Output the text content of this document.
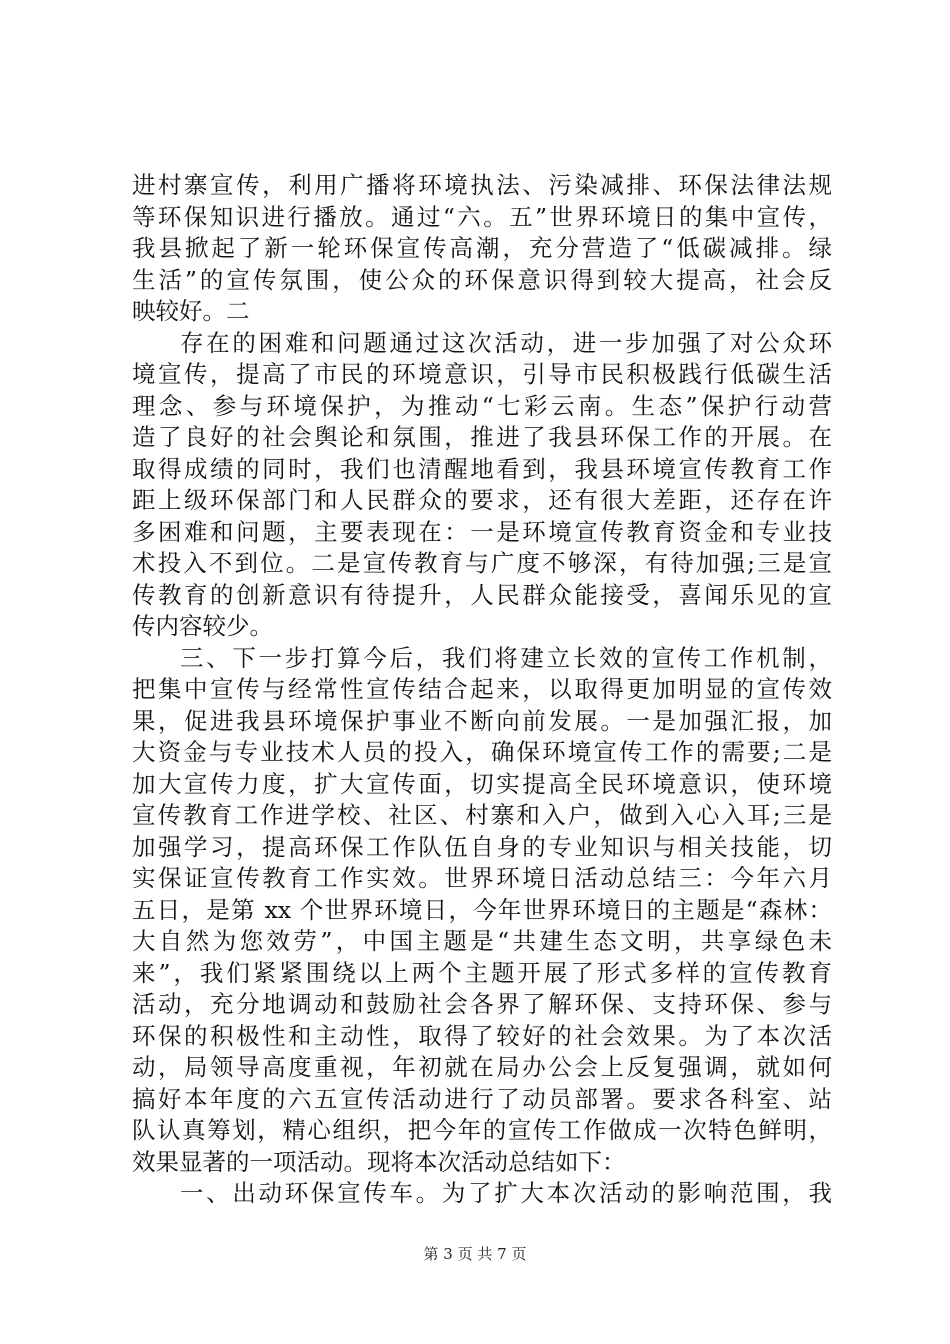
进村寨宣传，利用广播将环境执法、污染减排、环保法律法规
等环保知识进行播放。通过“六。五”世界环境日的集中宣传，
我县掀起了新一轮环保宣传高潮，充分营造了“低碳减排。绿
生活”的宣传氛围，使公众的环保意识得到较大提高，社会反
映较好。二
存在的困难和问题通过这次活动，进一步加强了对公众环
境宣传，提高了市民的环境意识，引导市民积极践行低碳生活
理念、参与环境保护，为推动“七彩云南。生态”保护行动营
造了良好的社会舆论和氛围，推进了我县环保工作的开展。在
取得成绩的同时，我们也清醒地看到，我县环境宣传教育工作
距上级环保部门和人民群众的要求，还有很大差距，还存在许
多困难和问题，主要表现在：一是环境宣传教育资金和专业技
术投入不到位。二是宣传教育与广度不够深，有待加强;三是宣
传教育的创新意识有待提升，人民群众能接受，喜闻乐见的宣
传内容较少。
三、下一步打算今后，我们将建立长效的宣传工作机制，
把集中宣传与经常性宣传结合起来，以取得更加明显的宣传效
果，促进我县环境保护事业不断向前发展。一是加强汇报，加
大资金与专业技术人员的投入，确保环境宣传工作的需要;二是
加大宣传力度，扩大宣传面，切实提高全民环境意识，使环境
宣传教育工作进学校、社区、村寨和入户，做到入心入耳;三是
加强学习，提高环保工作队伍自身的专业知识与相关技能，切
实保证宣传教育工作实效。世界环境日活动总结三：今年六月
五日，是第 xx 个世界环境日，今年世界环境日的主题是“森林：
大自然为您效劳”，中国主题是“共建生态文明，共享绿色未
来”，我们紧紧围绕以上两个主题开展了形式多样的宣传教育
活动，充分地调动和鼓励社会各界了解环保、支持环保、参与
环保的积极性和主动性，取得了较好的社会效果。为了本次活
动，局领导高度重视，年初就在局办公会上反复强调，就如何
搞好本年度的六五宣传活动进行了动员部署。要求各科室、站
队认真筹划，精心组织，把今年的宣传工作做成一次特色鲜明，
效果显著的一项活动。现将本次活动总结如下：
一、出动环保宣传车。为了扩大本次活动的影响范围，我
第 3 页 共 7 页
